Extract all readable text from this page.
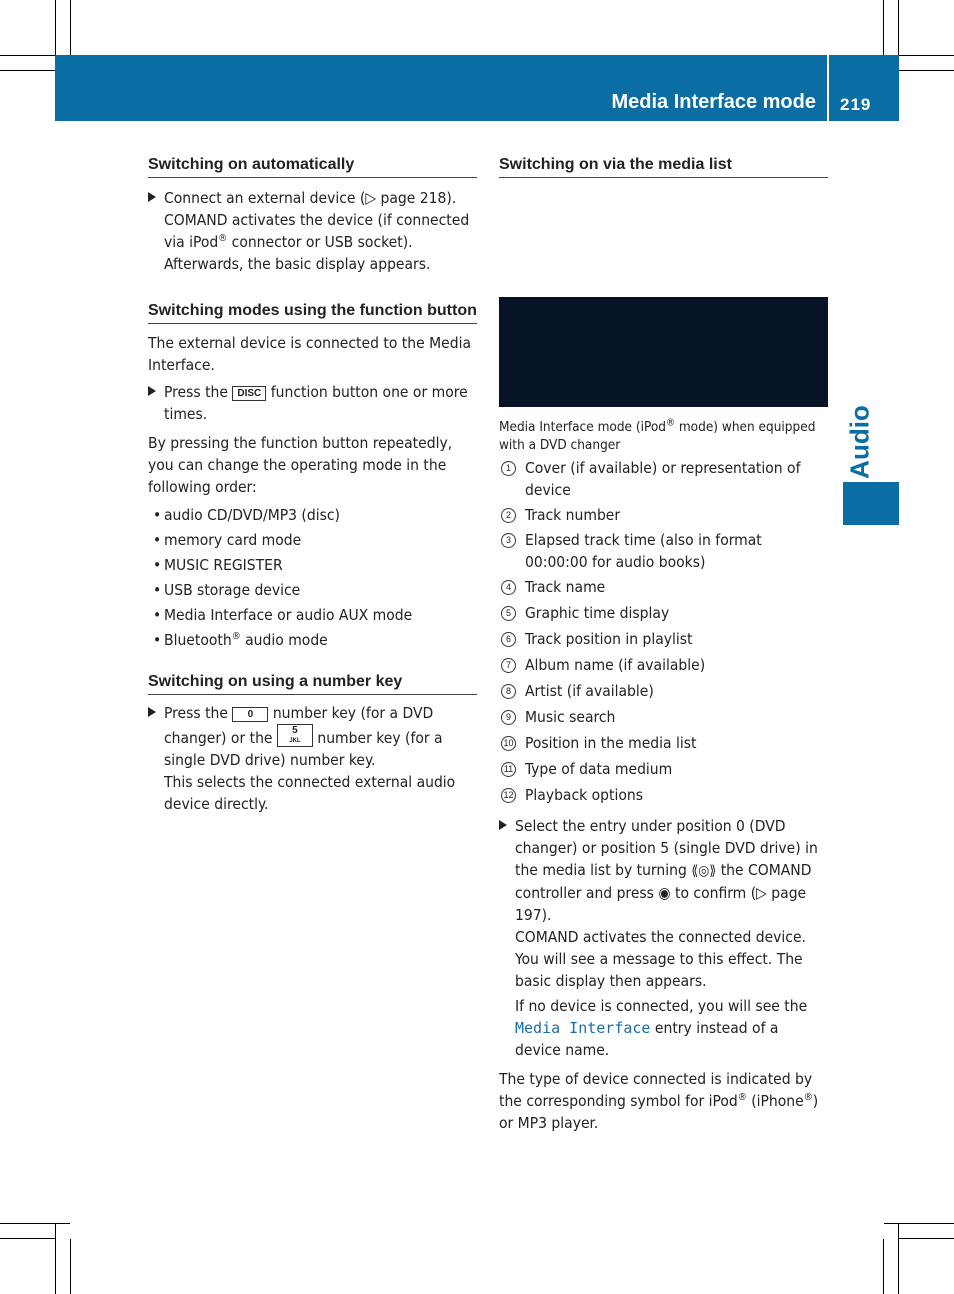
Media Interface mode 219
Audio
Switching on automatically
Connect an external device (▷ page 218).
COMAND activates the device (if connected via iPod® connector or USB socket). Afterwards, the basic display appears.
Switching modes using the function button

The external device is connected to the Media Interface.

Press the DISC function button one or more times.

By pressing the function button repeatedly, you can change the operating mode in the following order:

• audio CD/DVD/MP3 (disc)
• memory card mode
• MUSIC REGISTER
• USB storage device
• Media Interface or audio AUX mode
• Bluetooth® audio mode
Switching on using a number key
Press the 0 number key (for a DVD changer) or the 5
JKL number key (for a single DVD drive) number key.
This selects the connected external audio device directly.
Switching on via the media list

Media Interface mode (iPod® mode) when equipped with a DVD changer

1 Cover (if available) or representation of device
2 Track number
3 Elapsed track time (also in format 00:00:00 for audio books)
4 Track name
5 Graphic time display
6 Track position in playlist
7 Album name (if available)
8 Artist (if available)
9 Music search
10 Position in the media list
11 Type of data medium
12 Playback options
Select the entry under position 0 (DVD changer) or position 5 (single DVD drive) in the media list by turning ⟪◎⟫ the COMAND controller and press ◉ to confirm (▷ page 197).
COMAND activates the connected device. You will see a message to this effect. The basic display then appears.

If no device is connected, you will see the Media Interface entry instead of a device name.

The type of device connected is indicated by the corresponding symbol for iPod® (iPhone®) or MP3 player.
